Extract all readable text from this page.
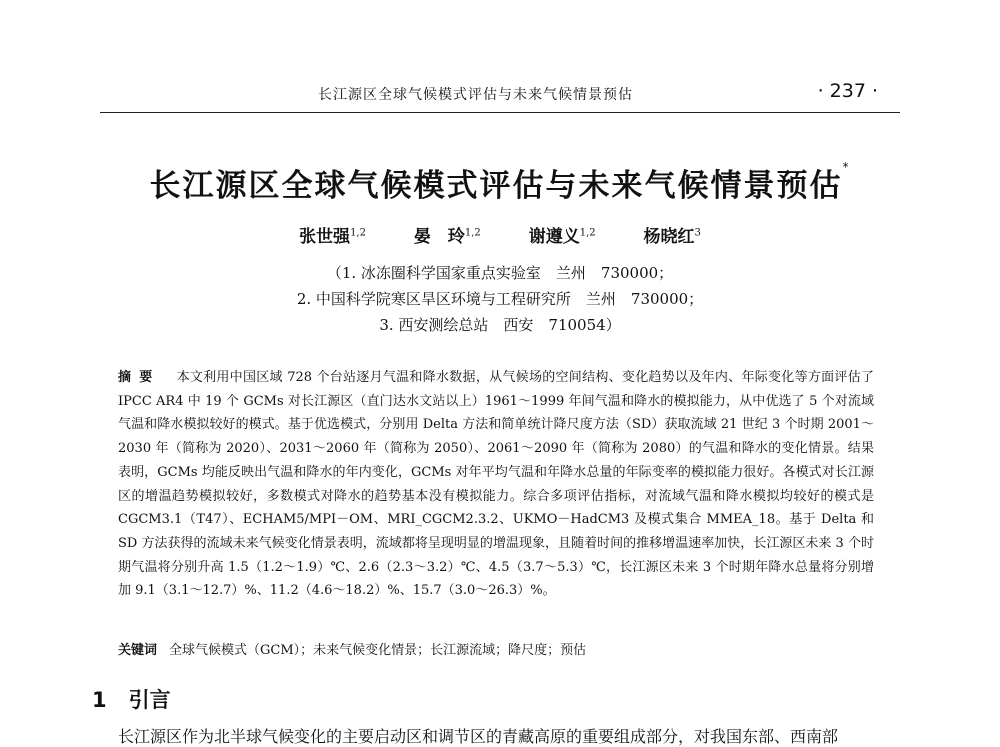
长江源区全球气候模式评估与未来气候情景预估	· 237 ·
长江源区全球气候模式评估与未来气候情景预估*
张世强$^{1,2}$	晏　玲$^{1,2}$	谢遵义$^{1,2}$	杨晓红$^3$
（1. 冰冻圈科学国家重点实验室　兰州　730000；
2. 中国科学院寒区旱区环境与工程研究所　兰州　730000；
3. 西安测绘总站　西安　710054）
摘要 本文利用中国区域 728 个台站逐月气温和降水数据，从气候场的空间结构、变化趋势以及年内、年际变化等方面评估了 IPCC AR4 中 19 个 GCMs 对长江源区（直门达水文站以上）1961～1999 年间气温和降水的模拟能力，从中优选了 5 个对流域气温和降水模拟较好的模式。基于优选模式，分别用 Delta 方法和简单统计降尺度方法（SD）获取流域 21 世纪 3 个时期 2001～2030 年（简称为 2020）、2031～2060 年（简称为 2050）、2061～2090 年（简称为 2080）的气温和降水的变化情景。结果表明，GCMs 均能反映出气温和降水的年内变化，GCMs 对年平均气温和年降水总量的年际变率的模拟能力很好。各模式对长江源区的增温趋势模拟较好，多数模式对降水的趋势基本没有模拟能力。综合多项评估指标，对流域气温和降水模拟均较好的模式是 CGCM3.1（T47）、ECHAM5/MPI－OM、MRI_CGCM2.3.2、UKMO－HadCM3 及模式集合 MMEA_18。基于 Delta 和 SD 方法获得的流域未来气候变化情景表明，流域都将呈现明显的增温现象，且随着时间的推移增温速率加快，长江源区未来 3 个时期气温将分别升高 1.5（1.2～1.9）℃、2.6（2.3～3.2）℃、4.5（3.7～5.3）℃，长江源区未来 3 个时期年降水总量将分别增加 9.1（3.1～12.7）%、11.2（4.6～18.2）%、15.7（3.0～26.3）%。
关键词 全球气候模式（GCM）；未来气候变化情景；长江源流域；降尺度；预估
1 引言
长江源区作为北半球气候变化的主要启动区和调节区的青藏高原的重要组成部分，对我国东部、西南部
